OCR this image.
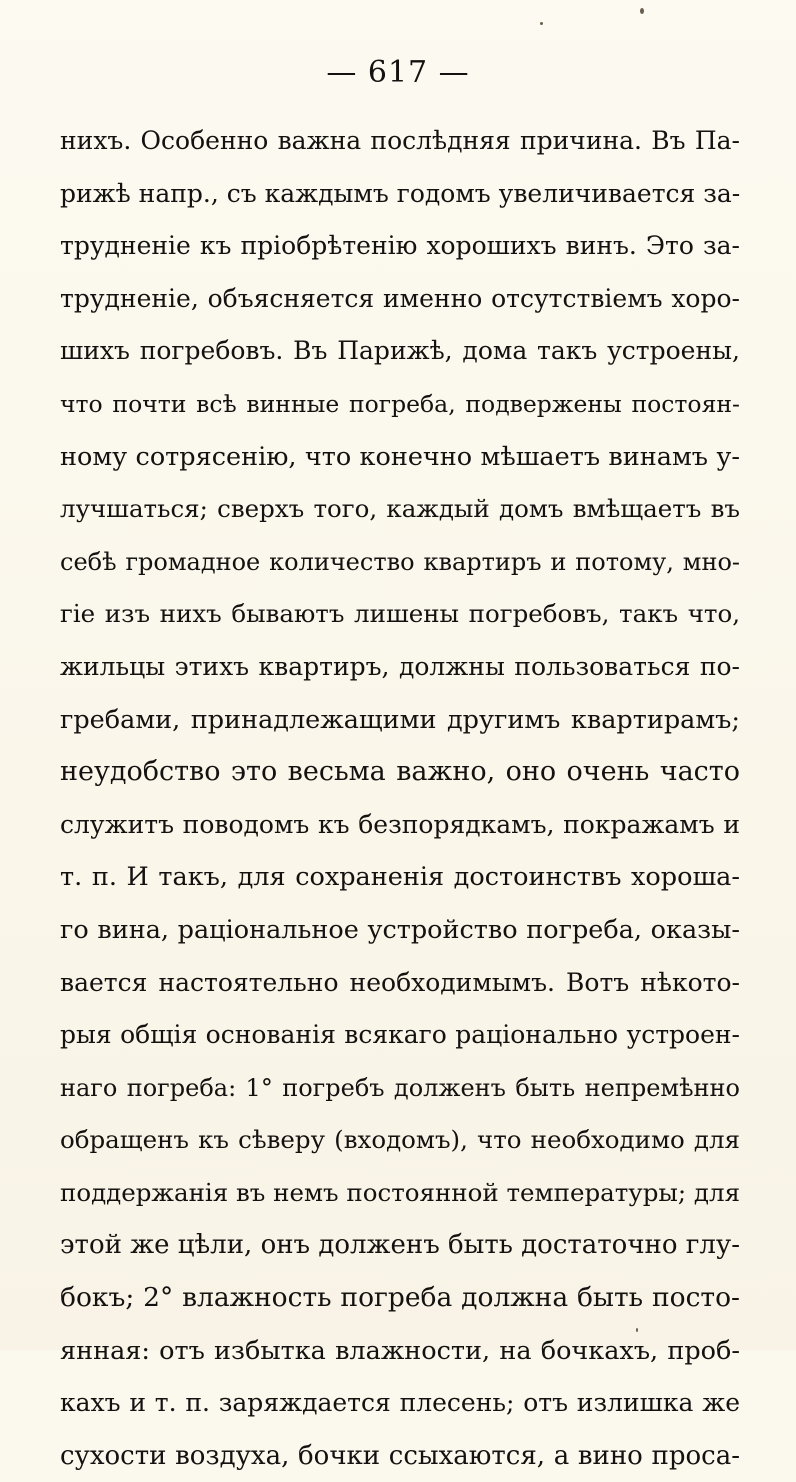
— 617 —
нихъ. Особенно важна послѣдняя причина. Въ Па-
рижѣ напр., съ каждымъ годомъ увеличивается за-
трудненіе къ пріобрѣтенію хорошихъ винъ. Это за-
трудненіе, объясняется именно отсутствіемъ хоро-
шихъ погребовъ. Въ Парижѣ, дома такъ устроены,
что почти всѣ винные погреба, подвержены постоян-
ному сотрясенію, что конечно мѣшаетъ винамъ у-
лучшаться; сверхъ того, каждый домъ вмѣщаетъ въ
себѣ громадное количество квартиръ и потому, мно-
гіе изъ нихъ бываютъ лишены погребовъ, такъ что,
жильцы этихъ квартиръ, должны пользоваться по-
гребами, принадлежащими другимъ квартирамъ;
неудобство это весьма важно, оно очень часто
служитъ поводомъ къ безпорядкамъ, покражамъ и
т. п. И такъ, для сохраненія достоинствъ хороша-
го вина, раціональное устройство погреба, оказы-
вается настоятельно необходимымъ. Вотъ нѣкото-
рыя общія основанія всякаго раціонально устроен-
наго погреба: 1° погребъ долженъ быть непремѣнно
обращенъ къ сѣверу (входомъ), что необходимо для
поддержанія въ немъ постоянной температуры; для
этой же цѣли, онъ долженъ быть достаточно глу-
бокъ; 2° влажность погреба должна быть посто-
янная: отъ избытка влажности, на бочкахъ, проб-
кахъ и т. п. заряждается плесень; отъ излишка же
сухости воздуха, бочки ссыхаются, а вино проса-
